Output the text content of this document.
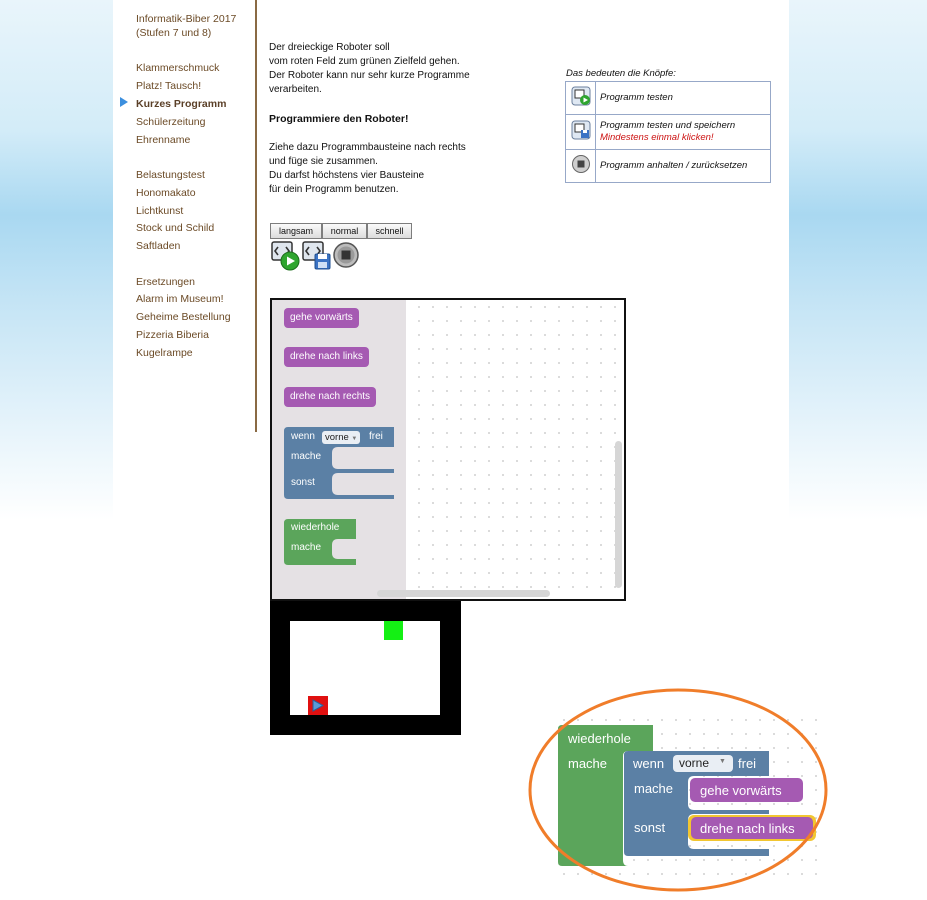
Informatik-Biber 2017
(Stufen 7 und 8)
Klammerschmuck
Platz! Tausch!
Kurzes Programm
Schülerzeitung
Ehrenname
Belastungstest
Honomakato
Lichtkunst
Stock und Schild
Saftladen
Ersetzungen
Alarm im Museum!
Geheime Bestellung
Pizzeria Biberia
Kugelrampe
Der dreieckige Roboter soll
vom roten Feld zum grünen Zielfeld gehen.
Der Roboter kann nur sehr kurze Programme
verarbeiten.
Programmiere den Roboter!
Ziehe dazu Programmbausteine nach rechts
und füge sie zusammen.
Du darfst höchstens vier Bausteine
für dein Programm benutzen.
Das bedeuten die Knöpfe:
	Programm testen
	Programm testen und speichern
Mindestens einmal klicken!

	Programm anhalten / zurücksetzen
langsam	normal	schnell
gehe vorwärts
drehe nach links
drehe nach rechts
wenn	vorne ▼	frei
mache
sonst
wiederhole
mache
wiederhole
mache wenn vorne ▼ frei
mache gehe vorwärts
sonst	drehe nach links
